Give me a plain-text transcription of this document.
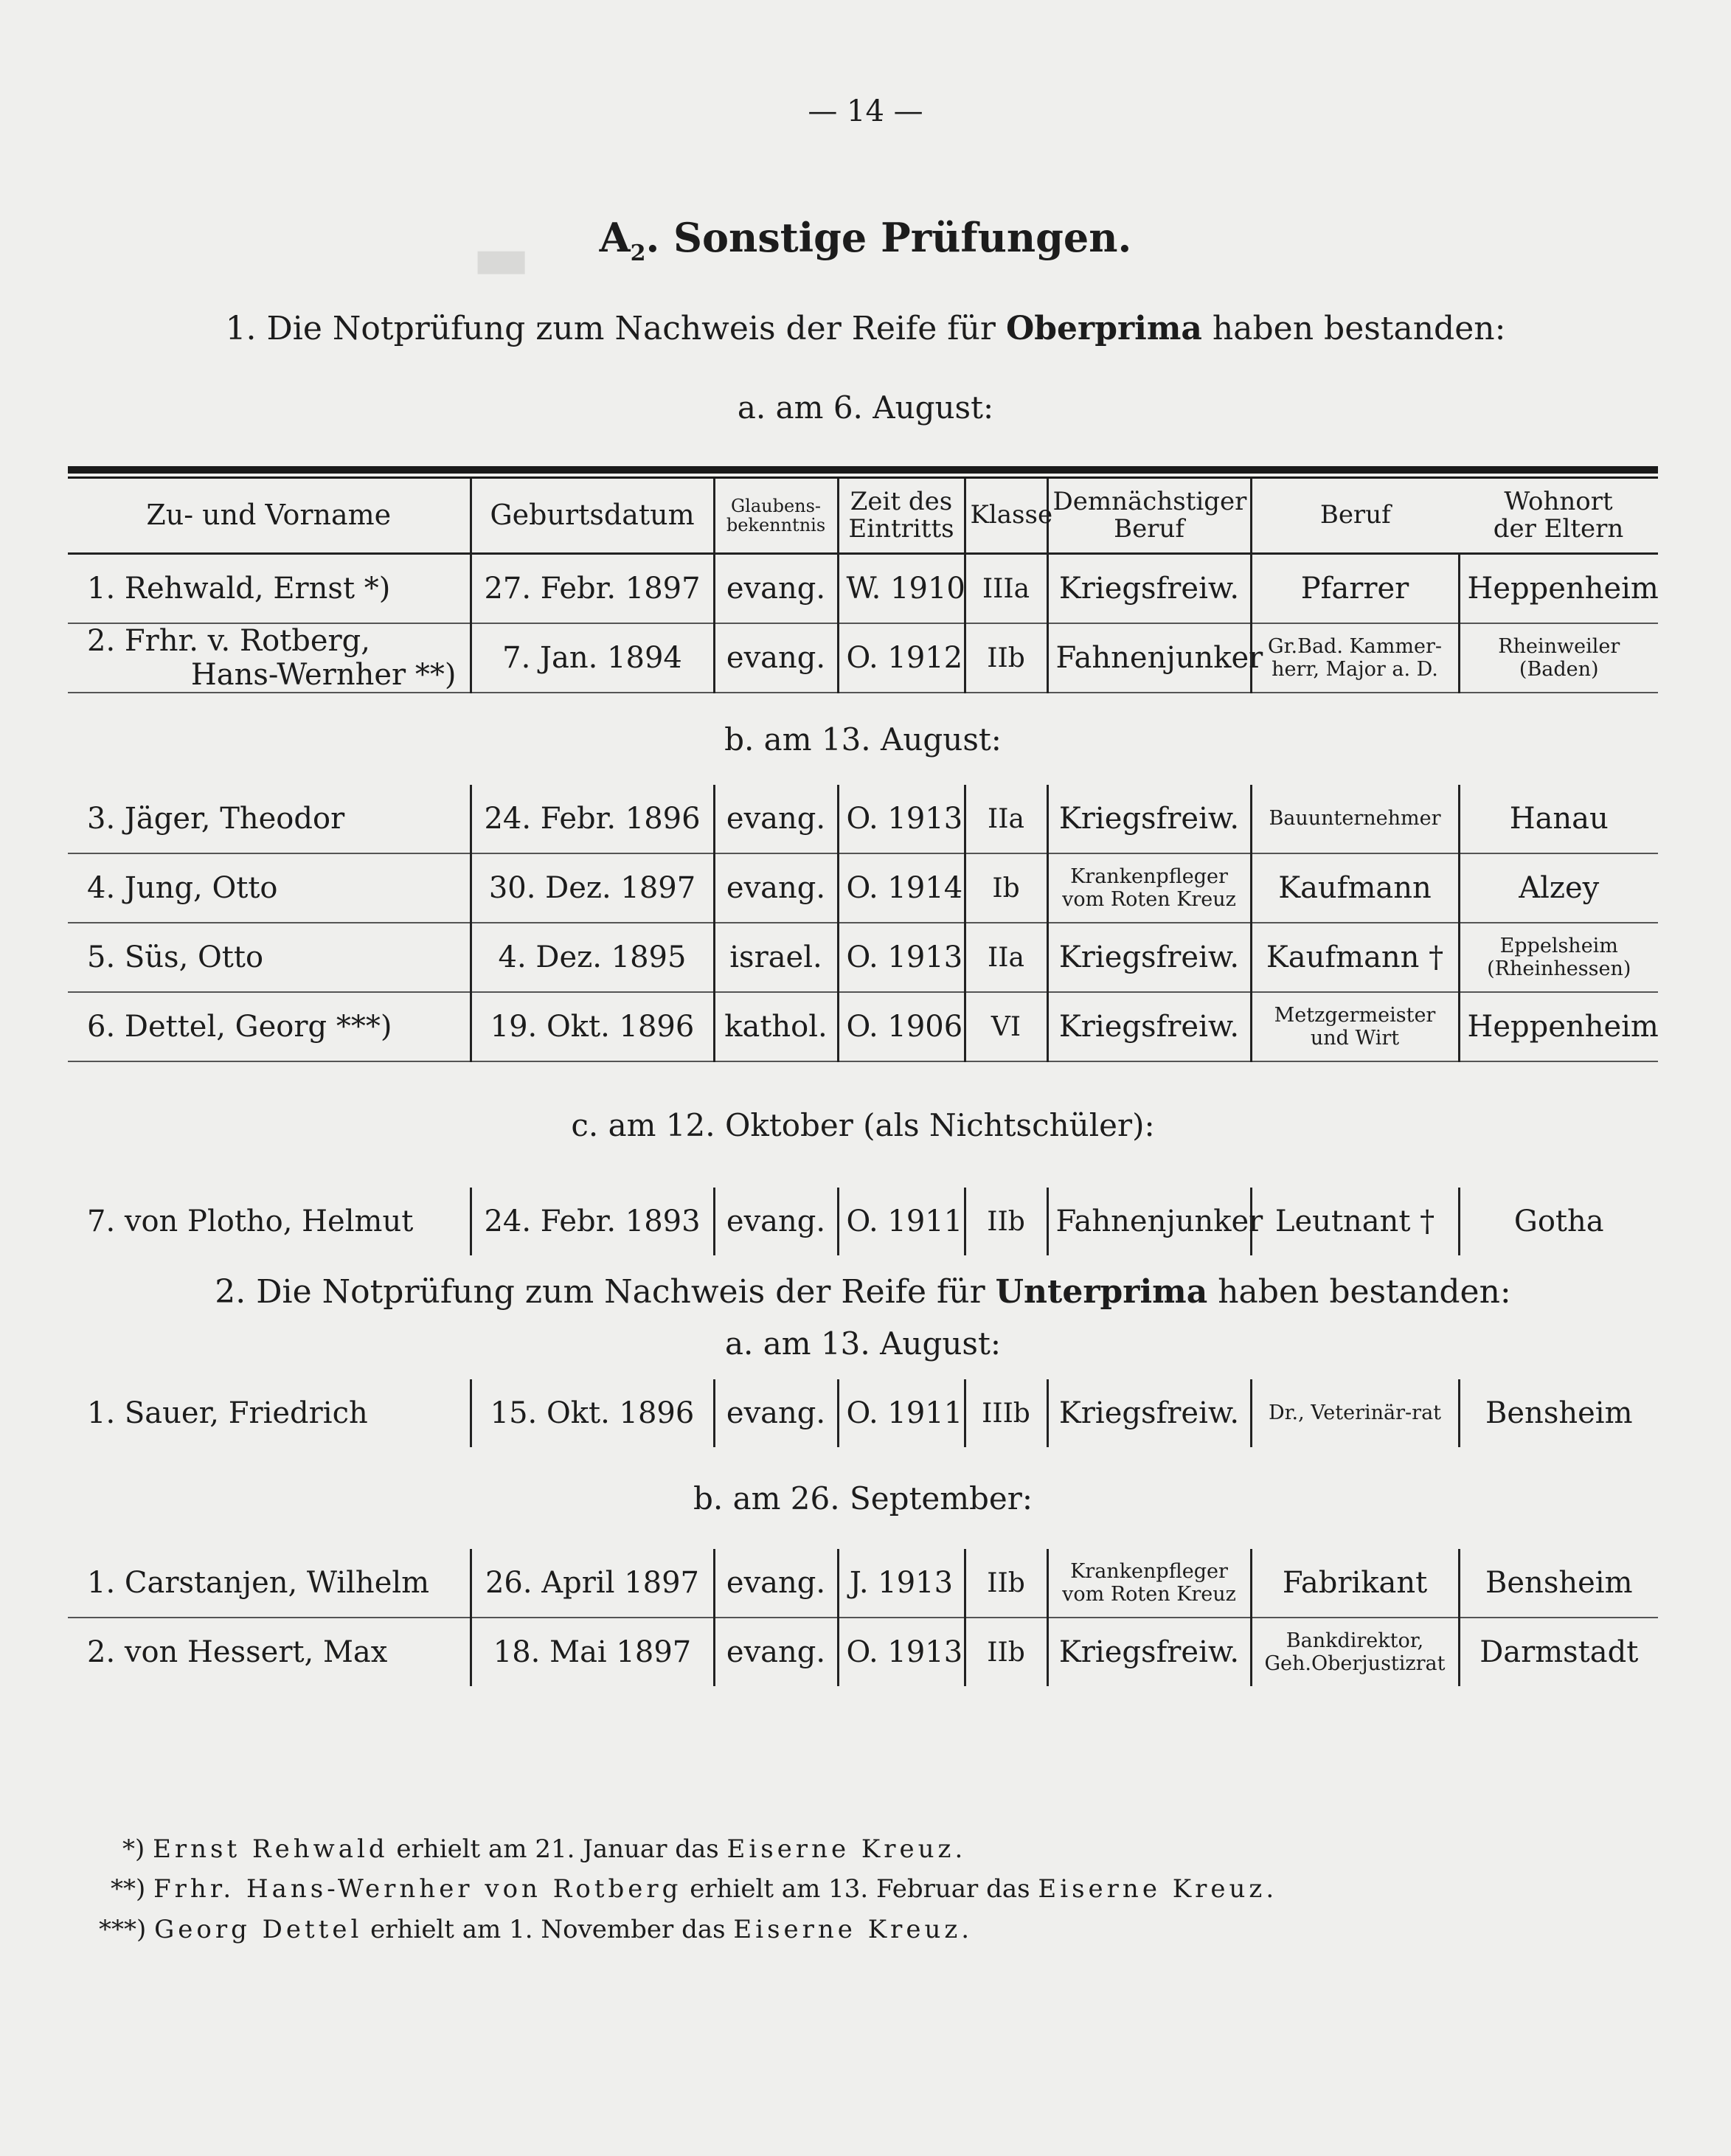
▬
— 14 —
$A_2$. Sonstige Prüfungen.
1. Die Notprüfung zum Nachweis der Reife für Oberprima haben bestanden:
a. am 6. August:

Zu- und Vorname	Geburtsdatum	Glaubens-bekenntnis	Zeit des Eintritts	Klasse	Demnächstiger Beruf	Beruf	Wohnort
der Eltern
1. Rehwald, Ernst *)	27. Febr. 1897	evang.	W. 1910	IIIa	Kriegsfreiw.	Pfarrer	Heppenheim
2. Frhr. v. Rotberg,
Hans-Wernher **)	7. Jan. 1894	evang.	O. 1912	IIb	Fahnenjunker	Gr.Bad. Kammer-herr, Major a. D.	Rheinweiler (Baden)
b. am 13. August:							
3. Jäger, Theodor	24. Febr. 1896	evang.	O. 1913	IIa	Kriegsfreiw.	Bauunternehmer	Hanau
4. Jung, Otto	30. Dez. 1897	evang.	O. 1914	Ib	Krankenpfleger vom Roten Kreuz	Kaufmann	Alzey
5. Süs, Otto	4. Dez. 1895	israel.	O. 1913	IIa	Kriegsfreiw.	Kaufmann †	Eppelsheim (Rheinhessen)
6. Dettel, Georg ***)	19. Okt. 1896	kathol.	O. 1906	VI	Kriegsfreiw.	Metzgermeister und Wirt	Heppenheim
c. am 12. Oktober (als Nichtschüler):							
7. von Plotho, Helmut	24. Febr. 1893	evang.	O. 1911	IIb	Fahnenjunker	Leutnant †	Gotha

2. Die Notprüfung zum Nachweis der Reife für Unterprima haben bestanden:
a. am 13. August:							

1. Sauer, Friedrich	15. Okt. 1896	evang.	O. 1911	IIIb	Kriegsfreiw.	Dr., Veterinär-rat	Bensheim
b. am 26. September:							
1. Carstanjen, Wilhelm	26. April 1897	evang.	J. 1913	IIb	Krankenpfleger vom Roten Kreuz	Fabrikant	Bensheim
2. von Hessert, Max	18. Mai 1897	evang.	O. 1913	IIb	Kriegsfreiw.	Bankdirektor, Geh.Oberjustizrat	Darmstadt
*) Ernst Rehwald erhielt am 21. Januar das Eiserne Kreuz.
**) Frhr. Hans-Wernher von Rotberg erhielt am 13. Februar das Eiserne Kreuz.
***) Georg Dettel erhielt am 1. November das Eiserne Kreuz.
